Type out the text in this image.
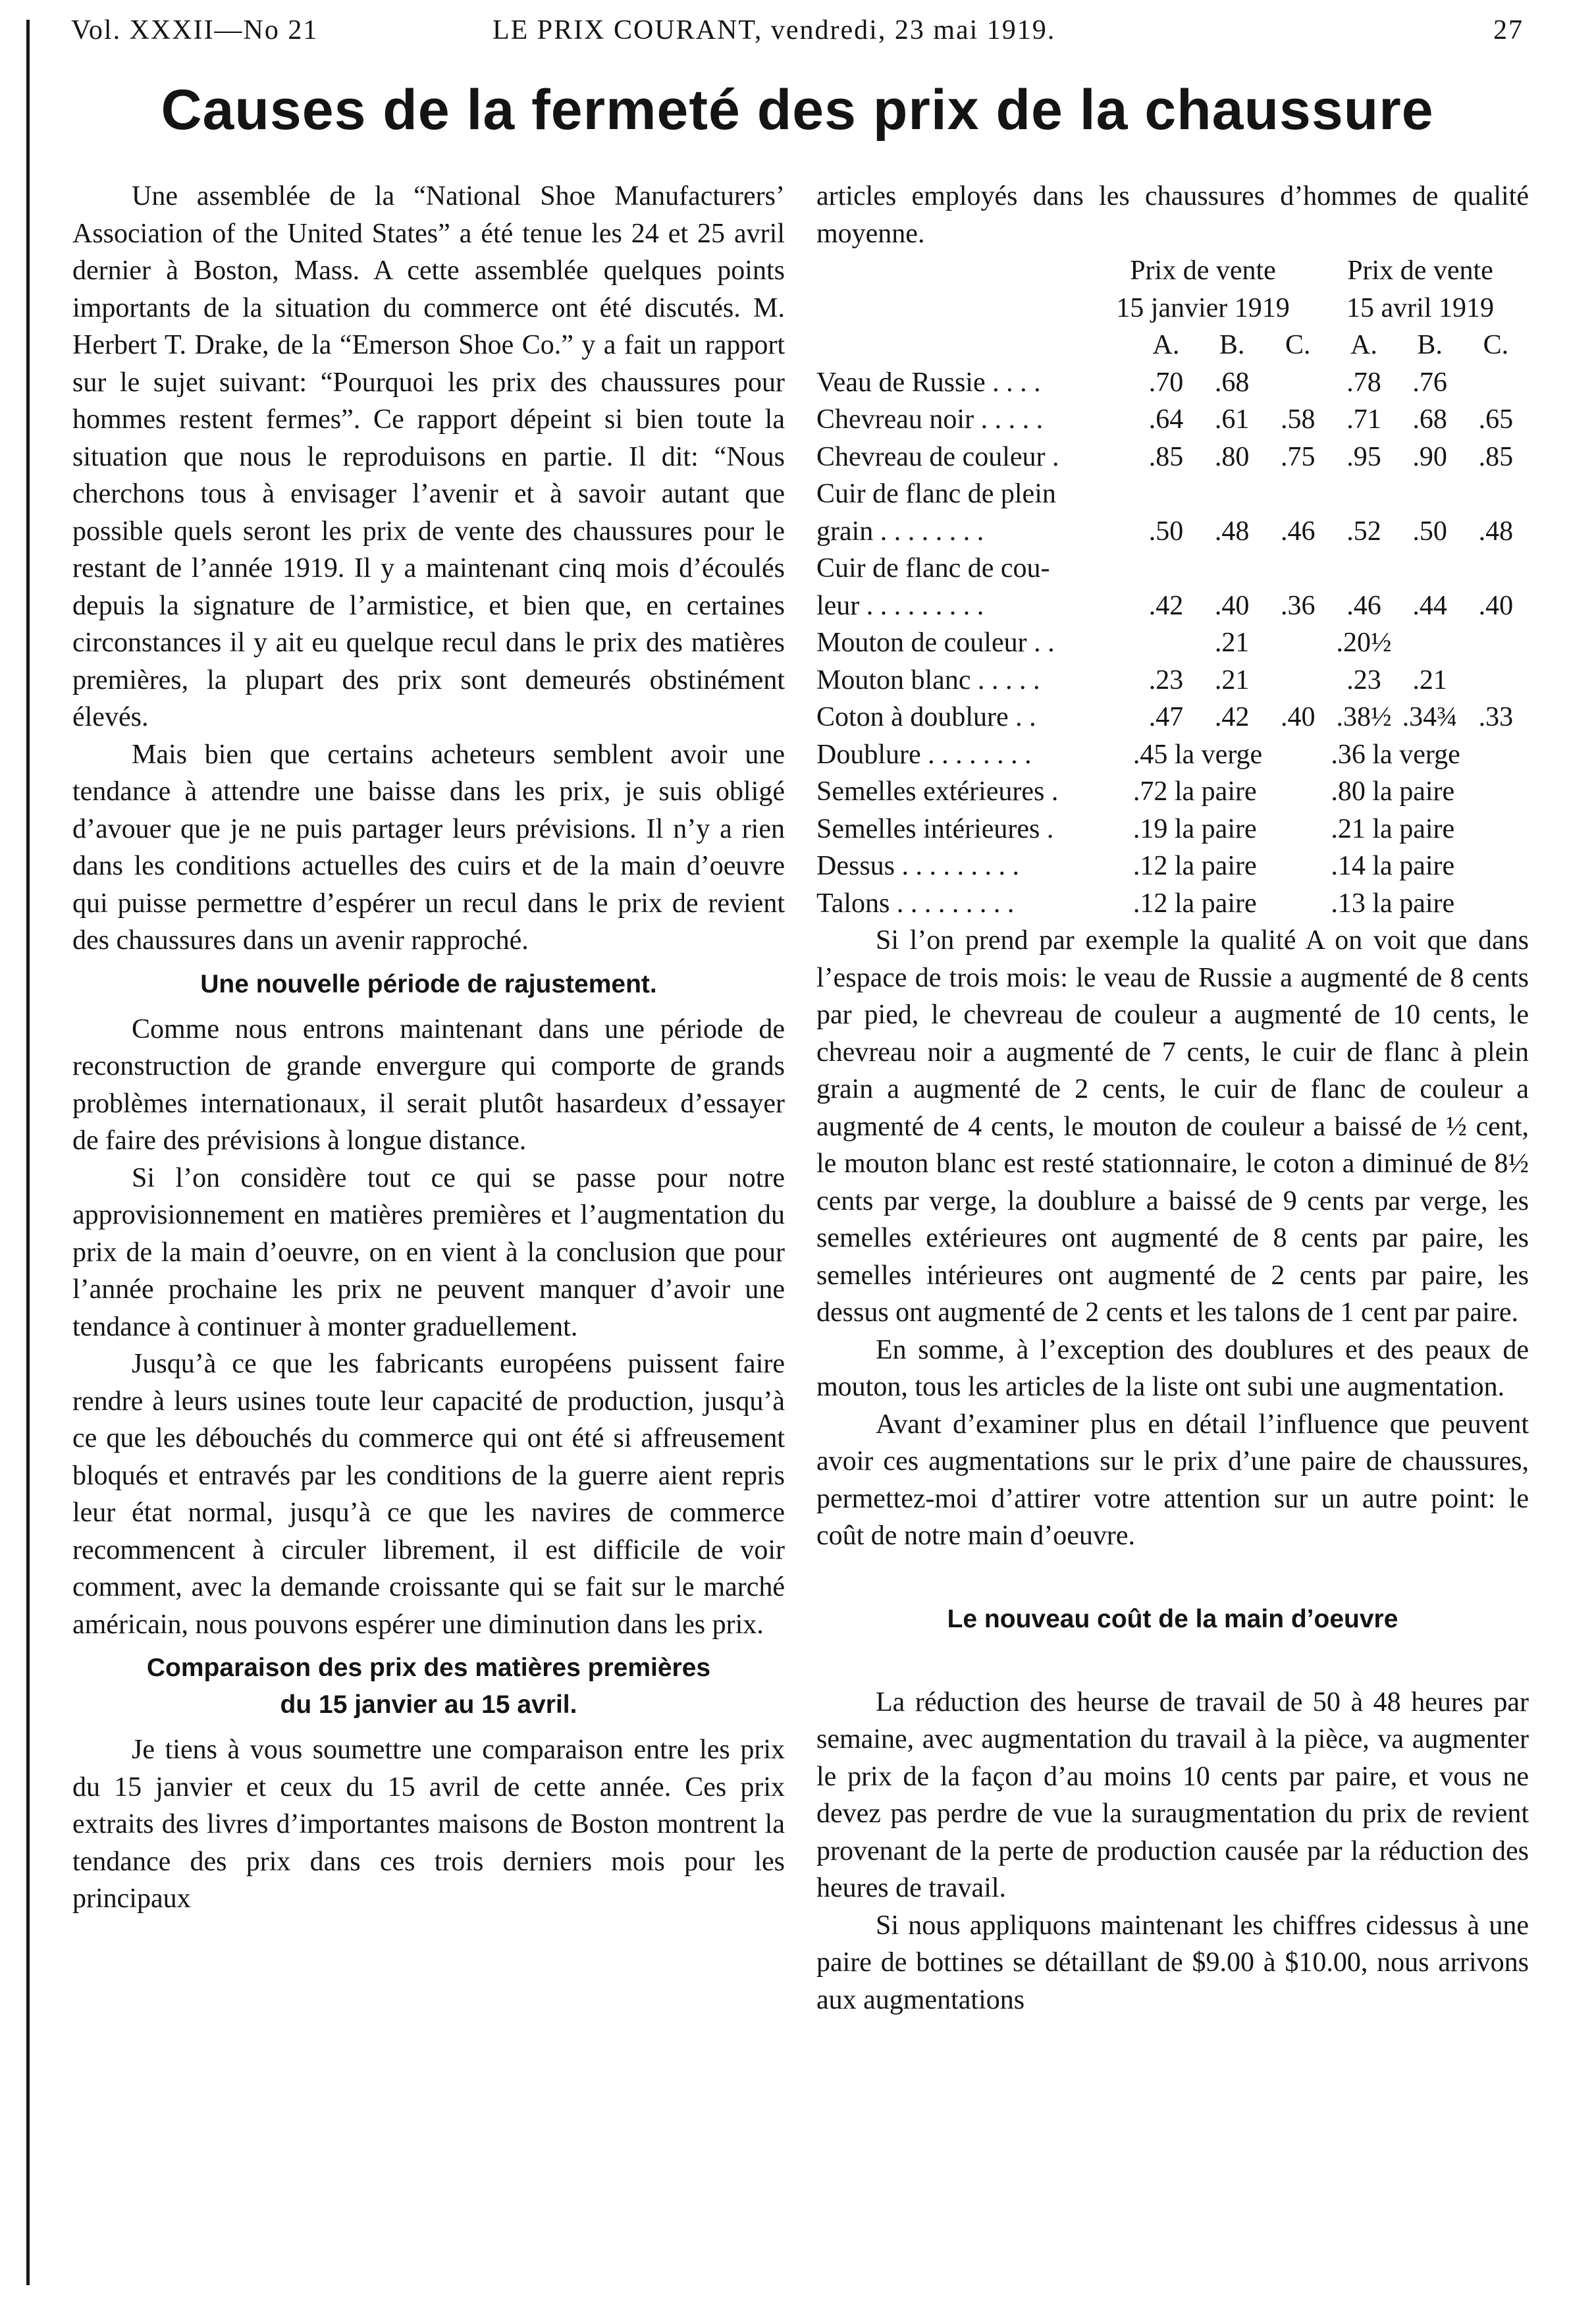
Vol. XXXII—No 21	LE PRIX COURANT, vendredi, 23 mai 1919.	27
Causes de la fermeté des prix de la chaussure

Une assemblée de la “National Shoe Manufacturers’ Association of the United States” a été tenue les 24 et 25 avril dernier à Boston, Mass. A cette assemblée quelques points importants de la situation du commerce ont été discutés. M. Herbert T. Drake, de la “Emerson Shoe Co.” y a fait un rapport sur le sujet suivant: “Pourquoi les prix des chaussures pour hommes restent fermes”. Ce rapport dépeint si bien toute la situation que nous le reproduisons en partie. Il dit: “Nous cherchons tous à envisager l’avenir et à savoir autant que possible quels seront les prix de vente des chaussures pour le restant de l’année 1919. Il y a maintenant cinq mois d’écoulés depuis la signature de l’armistice, et bien que, en certaines circonstances il y ait eu quelque recul dans le prix des matières premières, la plupart des prix sont demeurés obstinément élevés.

Mais bien que certains acheteurs semblent avoir une tendance à attendre une baisse dans les prix, je suis obligé d’avouer que je ne puis partager leurs prévisions. Il n’y a rien dans les conditions actuelles des cuirs et de la main d’oeuvre qui puisse permettre d’espérer un recul dans le prix de revient des chaussures dans un avenir rapproché.

Une nouvelle période de rajustement.

Comme nous entrons maintenant dans une période de reconstruction de grande envergure qui comporte de grands problèmes internationaux, il serait plutôt hasardeux d’essayer de faire des prévisions à longue distance.

Si l’on considère tout ce qui se passe pour notre approvisionnement en matières premières et l’augmentation du prix de la main d’oeuvre, on en vient à la conclusion que pour l’année prochaine les prix ne peuvent manquer d’avoir une tendance à continuer à monter graduellement.

Jusqu’à ce que les fabricants européens puissent faire rendre à leurs usines toute leur capacité de production, jusqu’à ce que les débouchés du commerce qui ont été si affreusement bloqués et entravés par les conditions de la guerre aient repris leur état normal, jusqu’à ce que les navires de commerce recommencent à circuler librement, il est difficile de voir comment, avec la demande croissante qui se fait sur le marché américain, nous pouvons espérer une diminution dans les prix.

Comparaison des prix des matières premières
du 15 janvier au 15 avril.

Je tiens à vous soumettre une comparaison entre les prix du 15 janvier et ceux du 15 avril de cette année. Ces prix extraits des livres d’importantes maisons de Boston montrent la tendance des prix dans ces trois derniers mois pour les principaux

articles employés dans les chaussures d’hommes de qualité moyenne.

Prix de vente
15 janvier 1919
Prix de vente
15 avril 1919
	A.	B.	C.	A.	B.	C.
Veau de Russie . . . .	.70	.68		.78	.76	
Chevreau noir . . . . .	.64	.61	.58	.71	.68	.65
Chevreau de couleur .	.85	.80	.75	.95	.90	.85
Cuir de flanc de plein						
grain . . . . . . . .	.50	.48	.46	.52	.50	.48
Cuir de flanc de cou-						
leur . . . . . . . . .	.42	.40	.36	.46	.44	.40
Mouton de couleur . .		.21		.20½		
Mouton blanc . . . . .	.23	.21		.23	.21	
Coton à doublure . .	.47	.42	.40	.38½	.34¾	.33
Doublure . . . . . . . .	.45 la verge			.36 la verge		
Semelles extérieures .	.72 la paire			.80 la paire		
Semelles intérieures .	.19 la paire			.21 la paire		
Dessus . . . . . . . . .	.12 la paire			.14 la paire		
Talons . . . . . . . . .	.12 la paire			.13 la paire		

Si l’on prend par exemple la qualité A on voit que dans l’espace de trois mois: le veau de Russie a augmenté de 8 cents par pied, le chevreau de couleur a augmenté de 10 cents, le chevreau noir a augmenté de 7 cents, le cuir de flanc à plein grain a augmenté de 2 cents, le cuir de flanc de couleur a augmenté de 4 cents, le mouton de couleur a baissé de ½ cent, le mouton blanc est resté stationnaire, le coton a diminué de 8½ cents par verge, la doublure a baissé de 9 cents par verge, les semelles extérieures ont augmenté de 8 cents par paire, les semelles intérieures ont augmenté de 2 cents par paire, les dessus ont augmenté de 2 cents et les talons de 1 cent par paire.

En somme, à l’exception des doublures et des peaux de mouton, tous les articles de la liste ont subi une augmentation.

Avant d’examiner plus en détail l’influence que peuvent avoir ces augmentations sur le prix d’une paire de chaussures, permettez-moi d’attirer votre attention sur un autre point: le coût de notre main d’oeuvre.

Le nouveau coût de la main d’oeuvre

La réduction des heurse de travail de 50 à 48 heures par semaine, avec augmentation du travail à la pièce, va augmenter le prix de la façon d’au moins 10 cents par paire, et vous ne devez pas perdre de vue la suraugmentation du prix de revient provenant de la perte de production causée par la réduction des heures de travail.

Si nous appliquons maintenant les chiffres cidessus à une paire de bottines se détaillant de $9.00 à $10.00, nous arrivons aux augmentations
